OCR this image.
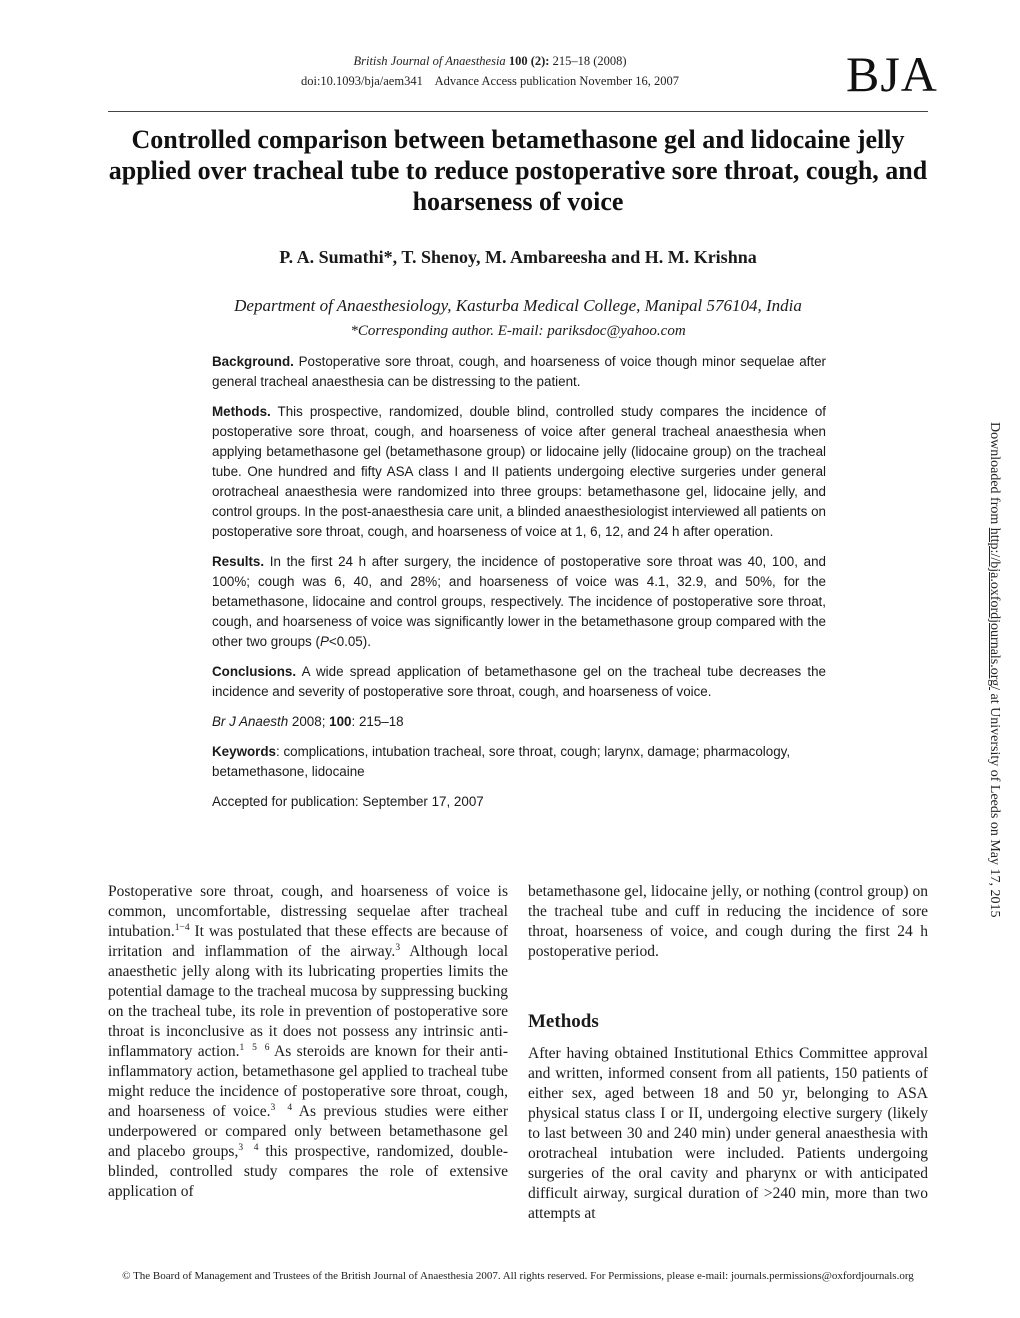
British Journal of Anaesthesia 100 (2): 215–18 (2008)
doi:10.1093/bja/aem341 Advance Access publication November 16, 2007	BJA
Controlled comparison between betamethasone gel and lidocaine jelly applied over tracheal tube to reduce postoperative sore throat, cough, and hoarseness of voice
P. A. Sumathi*, T. Shenoy, M. Ambareesha and H. M. Krishna
Department of Anaesthesiology, Kasturba Medical College, Manipal 576104, India
*Corresponding author. E-mail: pariksdoc@yahoo.com

Background. Postoperative sore throat, cough, and hoarseness of voice though minor sequelae after general tracheal anaesthesia can be distressing to the patient.

Methods. This prospective, randomized, double blind, controlled study compares the incidence of postoperative sore throat, cough, and hoarseness of voice after general tracheal anaesthesia when applying betamethasone gel (betamethasone group) or lidocaine jelly (lidocaine group) on the tracheal tube. One hundred and fifty ASA class I and II patients undergoing elective surgeries under general orotracheal anaesthesia were randomized into three groups: betamethasone gel, lidocaine jelly, and control groups. In the post-anaesthesia care unit, a blinded anaesthesiologist interviewed all patients on postoperative sore throat, cough, and hoarseness of voice at 1, 6, 12, and 24 h after operation.

Results. In the first 24 h after surgery, the incidence of postoperative sore throat was 40, 100, and 100%; cough was 6, 40, and 28%; and hoarseness of voice was 4.1, 32.9, and 50%, for the betamethasone, lidocaine and control groups, respectively. The incidence of postoperative sore throat, cough, and hoarseness of voice was significantly lower in the betamethasone group compared with the other two groups (P<0.05).

Conclusions. A wide spread application of betamethasone gel on the tracheal tube decreases the incidence and severity of postoperative sore throat, cough, and hoarseness of voice.

Br J Anaesth 2008; 100: 215–18

Keywords: complications, intubation tracheal, sore throat, cough; larynx, damage; pharmacology, betamethasone, lidocaine

Accepted for publication: September 17, 2007

Postoperative sore throat, cough, and hoarseness of voice is common, uncomfortable, distressing sequelae after tracheal intubation.$^{1-4}$ It was postulated that these effects are because of irritation and inflammation of the airway.$^3$ Although local anaesthetic jelly along with its lubricating properties limits the potential damage to the tracheal mucosa by suppressing bucking on the tracheal tube, its role in prevention of postoperative sore throat is inconclusive as it does not possess any intrinsic anti-inflammatory action.$^{1 5 6}$ As steroids are known for their anti-inflammatory action, betamethasone gel applied to tracheal tube might reduce the incidence of postoperative sore throat, cough, and hoarseness of voice.$^{3 4}$ As previous studies were either underpowered or compared only between betamethasone gel and placebo groups,$^{3 4}$ this prospective, randomized, double-blinded, controlled study compares the role of extensive application of

betamethasone gel, lidocaine jelly, or nothing (control group) on the tracheal tube and cuff in reducing the incidence of sore throat, hoarseness of voice, and cough during the first 24 h postoperative period.

Methods

After having obtained Institutional Ethics Committee approval and written, informed consent from all patients, 150 patients of either sex, aged between 18 and 50 yr, belonging to ASA physical status class I or II, undergoing elective surgery (likely to last between 30 and 240 min) under general anaesthesia with orotracheal intubation were included. Patients undergoing surgeries of the oral cavity and pharynx or with anticipated difficult airway, surgical duration of >240 min, more than two attempts at

Downloaded from http://bja.oxfordjournals.org/ at University of Leeds on May 17, 2015
© The Board of Management and Trustees of the British Journal of Anaesthesia 2007. All rights reserved. For Permissions, please e-mail: journals.permissions@oxfordjournals.org
